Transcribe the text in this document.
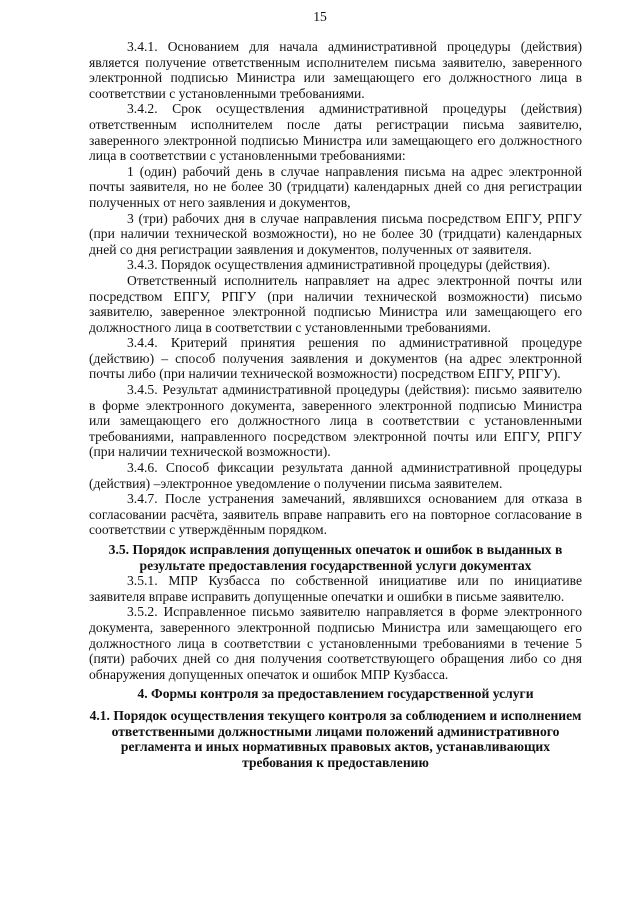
15

3.4.1. Основанием для начала административной процедуры (действия) является получение ответственным исполнителем письма заявителю, заверенного электронной подписью Министра или замещающего его должностного лица в соответствии с установленными требованиями.

3.4.2. Срок осуществления административной процедуры (действия) ответственным исполнителем после даты регистрации письма заявителю, заверенного электронной подписью Министра или замещающего его должностного лица в соответствии с установленными требованиями:

1 (один) рабочий день в случае направления письма на адрес электронной почты заявителя, но не более 30 (тридцати) календарных дней со дня регистрации полученных от него заявления и документов,

3 (три) рабочих дня в случае направления письма посредством ЕПГУ, РПГУ (при наличии технической возможности), но не более 30 (тридцати) календарных дней со дня регистрации заявления и документов, полученных от заявителя.

3.4.3. Порядок осуществления административной процедуры (действия).

Ответственный исполнитель направляет на адрес электронной почты или посредством ЕПГУ, РПГУ (при наличии технической возможности) письмо заявителю, заверенное электронной подписью Министра или замещающего его должностного лица в соответствии с установленными требованиями.

3.4.4. Критерий принятия решения по административной процедуре (действию) – способ получения заявления и документов (на адрес электронной почты либо (при наличии технической возможности) посредством ЕПГУ, РПГУ).

3.4.5. Результат административной процедуры (действия): письмо заявителю в форме электронного документа, заверенного электронной подписью Министра или замещающего его должностного лица в соответствии с установленными требованиями, направленного посредством электронной почты или ЕПГУ, РПГУ (при наличии технической возможности).

3.4.6. Способ фиксации результата данной административной процедуры (действия) –электронное уведомление о получении письма заявителем.

3.4.7. После устранения замечаний, являвшихся основанием для отказа в согласовании расчёта, заявитель вправе направить его на повторное согласование в соответствии с утверждённым порядком.

3.5. Порядок исправления допущенных опечаток и ошибок в выданных в результате предоставления государственной услуги документах

3.5.1. МПР Кузбасса по собственной инициативе или по инициативе заявителя вправе исправить допущенные опечатки и ошибки в письме заявителю.

3.5.2. Исправленное письмо заявителю направляется в форме электронного документа, заверенного электронной подписью Министра или замещающего его должностного лица в соответствии с установленными требованиями в течение 5 (пяти) рабочих дней со дня получения соответствующего обращения либо со дня обнаружения допущенных опечаток и ошибок МПР Кузбасса.

4. Формы контроля за предоставлением государственной услуги
4.1. Порядок осуществления текущего контроля за соблюдением и исполнением ответственными должностными лицами положений административного регламента и иных нормативных правовых актов, устанавливающих требования к предоставлению
